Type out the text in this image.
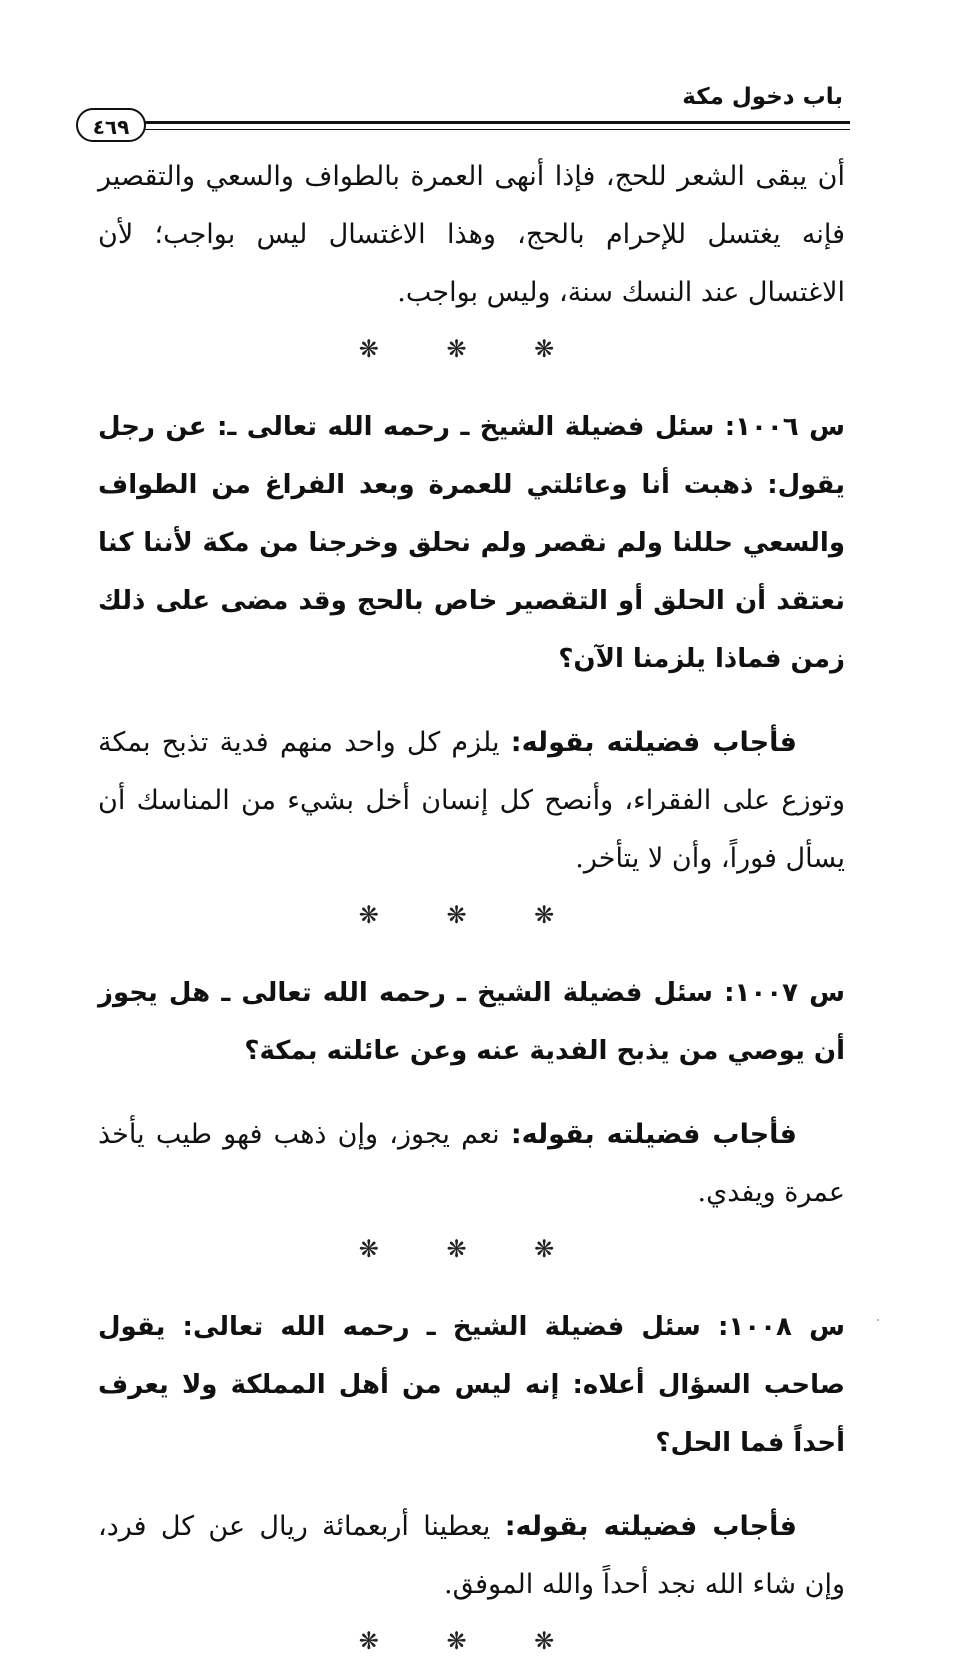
باب دخول مكة
٤٦٩

أن يبقى الشعر للحج، فإذا أنهى العمرة بالطواف والسعي والتقصير فإنه يغتسل للإحرام بالحج، وهذا الاغتسال ليس بواجب؛ لأن الاغتسال عند النسك سنة، وليس بواجب.

❋ ❋ ❋

س ١٠٠٦: سئل فضيلة الشيخ ـ رحمه الله تعالى ـ: عن رجل يقول: ذهبت أنا وعائلتي للعمرة وبعد الفراغ من الطواف والسعي حللنا ولم نقصر ولم نحلق وخرجنا من مكة لأننا كنا نعتقد أن الحلق أو التقصير خاص بالحج وقد مضى على ذلك زمن فماذا يلزمنا الآن؟

فأجاب فضيلته بقوله: يلزم كل واحد منهم فدية تذبح بمكة وتوزع على الفقراء، وأنصح كل إنسان أخل بشيء من المناسك أن يسأل فوراً، وأن لا يتأخر.

❋ ❋ ❋

س ١٠٠٧: سئل فضيلة الشيخ ـ رحمه الله تعالى ـ هل يجوز أن يوصي من يذبح الفدية عنه وعن عائلته بمكة؟

فأجاب فضيلته بقوله: نعم يجوز، وإن ذهب فهو طيب يأخذ عمرة ويفدي.

❋ ❋ ❋

س ١٠٠٨: سئل فضيلة الشيخ ـ رحمه الله تعالى: يقول صاحب السؤال أعلاه: إنه ليس من أهل المملكة ولا يعرف أحداً فما الحل؟

فأجاب فضيلته بقوله: يعطينا أربعمائة ريال عن كل فرد، وإن شاء الله نجد أحداً والله الموفق.

❋ ❋ ❋
